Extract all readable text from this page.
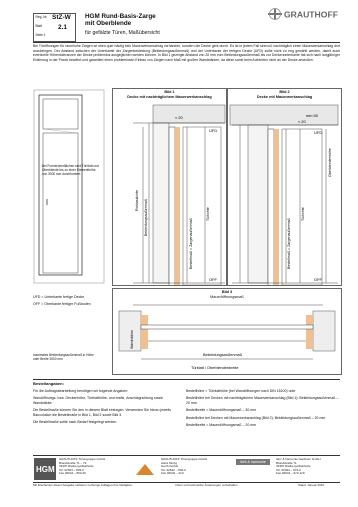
Reg.-Nr. StZ-W
Blatt 2.1
Seite 1
HGM Rund-Basis-Zarge
mit Oberblende
für gefälzte Türen, Maßübersicht
GRAUTHOFF
Bei Türöffnungen für raumhohe Zargen ist oben quer häufig kein Mauerwerkanschlag vorhanden, sondern die Decke geht durch. Es ist in jedem Fall sinnvoll, nachträglich einen Mauerwerkanschlag dort anzubringen. Der Abstand zwischen der Unterkante der Zargenbekleidung (Bekleidungsaußenmaß) und der Unterkante der fertigen Decke (UFD) sollte nicht zu eng gewählt werden, damit auch eventuelle Höhentoleranzen der Decke problemlos ausgeglichen werden können. In Bild 1 gezeigte Abstand von 20 mm vom Bekleidungsaußenmaß bis zur Deckenunterkante hat sich nach langjähriger Erfahrung in der Praxis bewährt und garantiert einen problemlosen Einbau von Zargen nach Maß mit großen Wandstärken, da diese somit beim Aufrichten nicht an der Decke anstoßen.
Bei Furnieroberflächen sind Türblatt und Oberblende bis zu einer Elementhöhe von 3000 mm durchfurniert.
UFD = Unterkante fertige Decke
OFF = Oberkante fertiger Fußboden
maximales Bekleidungsaußenmaß in Höhe oder Breite 3000 mm
Bild 1
Decke mit nachträglichem Mauerwerkanschlag
≈ 20
UFD
OFF
Rohbaulichte Bekleidungsaußenmaß
Bestellmaß = Zargenaußenmaß
Türlichte
Bild 2
Decke mit Mauerwerkanschlag
min 50
≈ 20
UFD
OFF
Oberblendenhöhe
Bestellmaß = Zargenaußenmaß
Türlichte
Bild 3
Mauerlöffnungsmaß
Wandstärke
Bekleidungsaußenmaß
Türblatt / Oberblendenbreite
Bestellangaben:
Für die Auftragsbearbeitung benötigen wir folgende Angaben:
Wandöffnungs- bzw. Deckenhöhe, Türblatthöhe- und breite, Anschlagrichtung sowie Wandstärke.
Die Bestellmaße können Sie den in diesem Blatt eintragen. Verwenden Sie hierzu jeweils Bauvolution die Bestellmaße in Bild 1, Bild 2 sowie Bild 3.
Die Bestellmaße sollte nach Bedarf festgelegt werden.
Bestellhöhe = Türblatthöhe (bei Wandöffnungen nach DIN 18100) oder
Bestellhöhe bei Decken mit nachträglichem Mauerwerkanschlag (Bild 1): Bekleidungsaußenmaß – 20 mm
Bestellbreite = Mauerdöffnungsmaß – 30 mm
Bestellhöhe bei Decken mit Mauerwerkanschlag (Bild 2): Bekleidungsaußenmaß – 20 mm
Bestellbreite = Mauerdöffnungsmaß – 20 mm
HGM
GRAUTHOFF Türengruppe GmbH
Brandstraße 71 – 79
33397 Rietberg-Mastholte
Tel. 02944 – 803-0
Fax 02944 – 803-29
GRAUTHOFF Türengruppe GmbH
Astra Sinzig
Gerth GmbH
Tel. 02642 – 804-0
Fax 02642 – 210
licht & harmonie
tanz & harmonie Gardinen GmbH
Brandstraße 71
33397 Rietberg-Mastholte
Tel. 02944 – 972-0
Fax 02944 – 972-129
Mit Erscheinen dieser Ausgabe verlieren vorherige Auflagen ihre Gültigkeit.	Irrtum und technische Änderungen vorbehalten	Stand: Januar 2010
